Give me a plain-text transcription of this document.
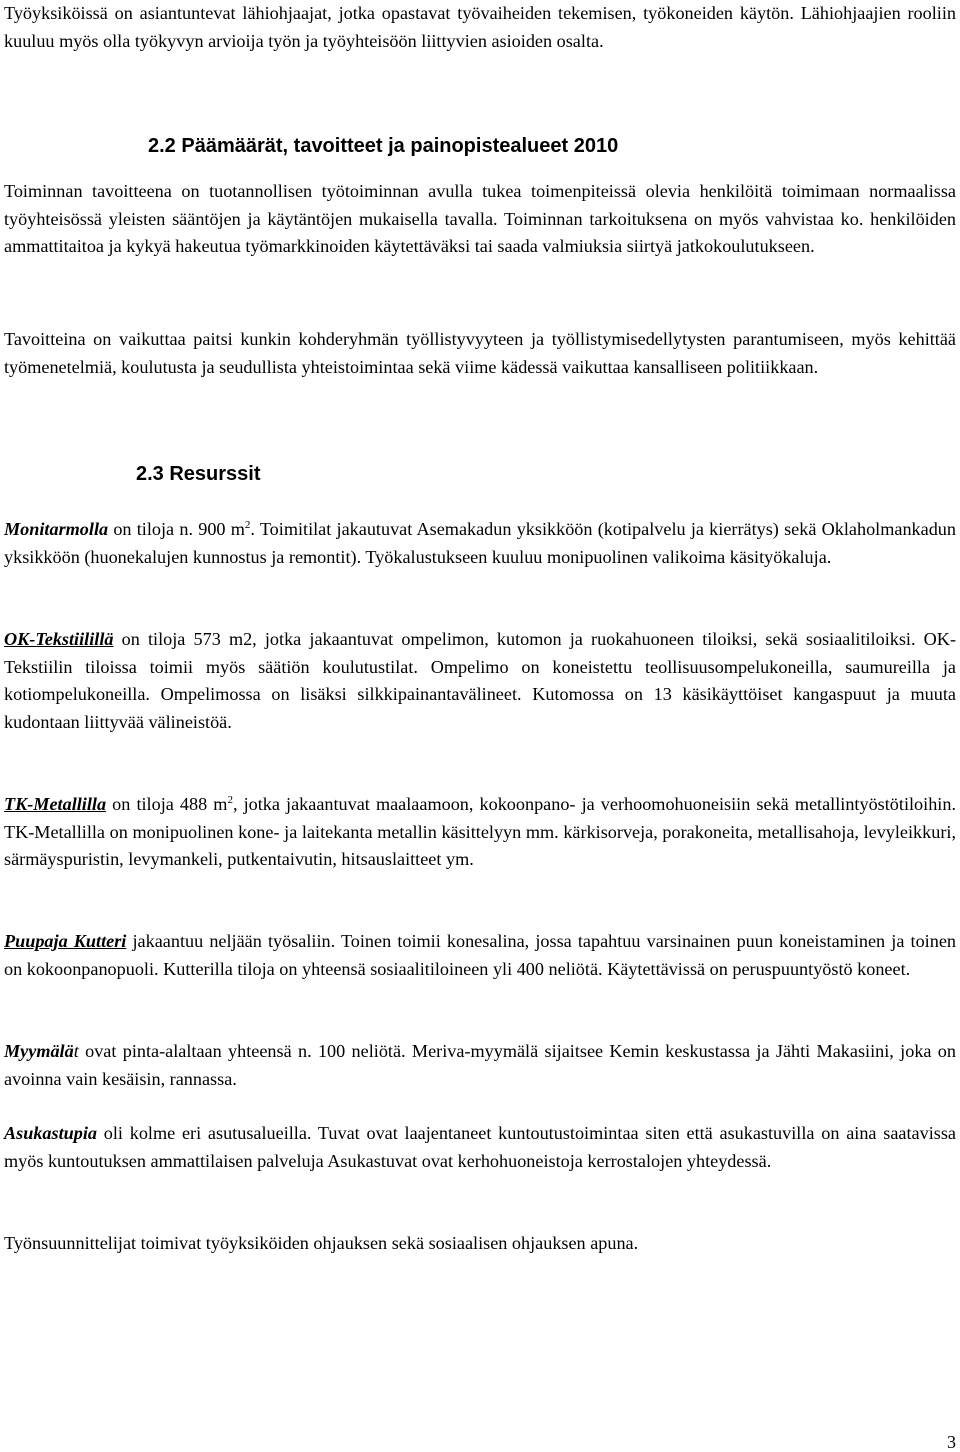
Työyksiköissä on asiantuntevat lähiohjaajat, jotka opastavat työvaiheiden tekemisen, työkoneiden käytön. Lähiohjaajien rooliin kuuluu myös olla työkyvyn arvioija työn ja työyhteisöön liittyvien asioiden osalta.

2.2 Päämäärät, tavoitteet ja painopistealueet 2010

Toiminnan tavoitteena on tuotannollisen työtoiminnan avulla tukea toimenpiteissä olevia henkilöitä toimimaan normaalissa työyhteisössä yleisten sääntöjen ja käytäntöjen mukaisella tavalla. Toiminnan tarkoituksena on myös vahvistaa ko. henkilöiden ammattitaitoa ja kykyä hakeutua työmarkkinoiden käytettäväksi tai saada valmiuksia siirtyä jatkokoulutukseen.

Tavoitteina on vaikuttaa paitsi kunkin kohderyhmän työllistyvyyteen ja työllistymisedellytysten parantumiseen, myös kehittää työmenetelmiä, koulutusta ja seudullista yhteistoimintaa sekä viime kädessä vaikuttaa kansalliseen politiikkaan.

2.3 Resurssit

Monitarmolla on tiloja n. 900 $m^2$. Toimitilat jakautuvat Asemakadun yksikköön (kotipalvelu ja kierrätys) sekä Oklaholmankadun yksikköön (huonekalujen kunnostus ja remontit). Työkalustukseen kuuluu monipuolinen valikoima käsityökaluja.

OK-Tekstiilillä on tiloja 573 m2, jotka jakaantuvat ompelimon, kutomon ja ruokahuoneen tiloiksi, sekä sosiaalitiloiksi. OK- Tekstiilin tiloissa toimii myös säätiön koulutustilat. Ompelimo on koneistettu teollisuusompelukoneilla, saumureilla ja kotiompelukoneilla. Ompelimossa on lisäksi silkkipainantavälineet. Kutomossa on 13 käsikäyttöiset kangaspuut ja muuta kudontaan liittyvää välineistöä.

TK-Metallilla on tiloja 488 $m^2$, jotka jakaantuvat maalaamoon, kokoonpano- ja verhoomohuoneisiin sekä metallintyöstötiloihin. TK-Metallilla on monipuolinen kone- ja laitekanta metallin käsittelyyn mm. kärkisorveja, porakoneita, metallisahoja, levyleikkuri, särmäyspuristin, levymankeli, putkentaivutin, hitsauslaitteet ym.

Puupaja Kutteri jakaantuu neljään työsaliin. Toinen toimii konesalina, jossa tapahtuu varsinainen puun koneistaminen ja toinen on kokoonpanopuoli. Kutterilla tiloja on yhteensä sosiaalitiloineen yli 400 neliötä. Käytettävissä on peruspuuntyöstö koneet.

Myymälät ovat pinta-alaltaan yhteensä n. 100 neliötä. Meriva-myymälä sijaitsee Kemin keskustassa ja Jähti Makasiini, joka on avoinna vain kesäisin, rannassa.

Asukastupia oli kolme eri asutusalueilla. Tuvat ovat laajentaneet kuntoutustoimintaa siten että asukastuvilla on aina saatavissa myös kuntoutuksen ammattilaisen palveluja Asukastuvat ovat kerhohuoneistoja kerrostalojen yhteydessä.

Työnsuunnittelijat toimivat työyksiköiden ohjauksen sekä sosiaalisen ohjauksen apuna.

3
